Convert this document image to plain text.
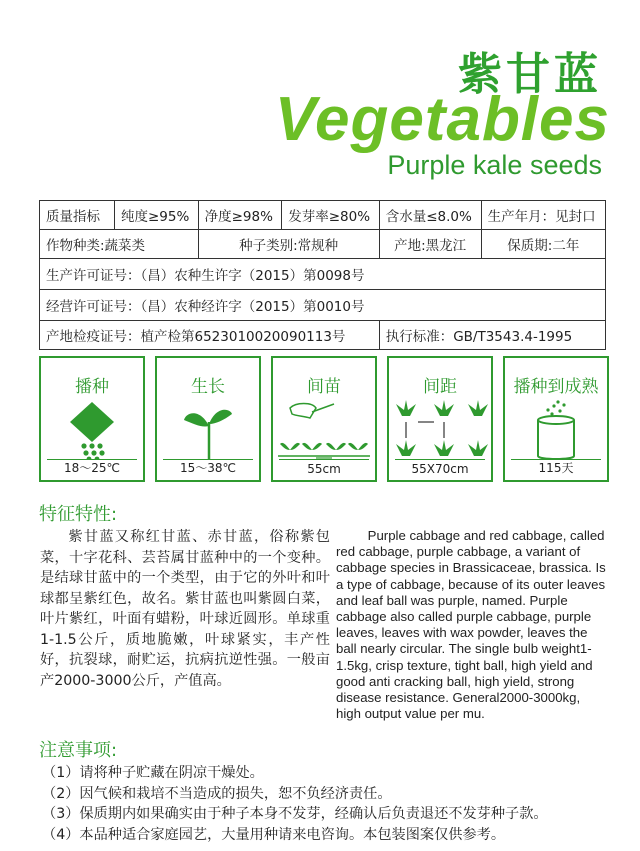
紫甘蓝
Vegetables
Purple kale seeds
质量指标	纯度≥95%	净度≥98%	发芽率≥80%	含水量≤8.0%	生产年月：见封口
作物种类:蔬菜类		种子类别:常规种		产地:黑龙江	保质期:二年
生产许可证号：（昌）农种生许字（2015）第0098号					
经营许可证号：（昌）农种经许字（2015）第0010号					
产地检疫证号：植产检第6523010020090113号				执行标准：GB/T3543.4-1995	
播种
18～25℃
生长
15～38℃
间苗
55cm
间距
55X70cm
播种到成熟
115天
特征特性:
紫甘蓝又称红甘蓝、赤甘蓝，俗称紫包菜，十字花科、芸苔属甘蓝种中的一个变种。是结球甘蓝中的一个类型，由于它的外叶和叶球都呈紫红色，故名。紫甘蓝也叫紫圆白菜，叶片紫红，叶面有蜡粉，叶球近圆形。单球重1-1.5公斤，质地脆嫩，叶球紧实，丰产性好，抗裂球，耐贮运，抗病抗逆性强。一般亩产2000-3000公斤，产值高。
Purple cabbage and red cabbage, called red cabbage, purple cabbage, a variant of cabbage species in Brassicaceae, brassica. Is a type of cabbage, because of its outer leaves and leaf ball was purple, named. Purple cabbage also called purple cabbage, purple leaves, leaves with wax powder, leaves the ball nearly circular. The single bulb weight1-1.5kg, crisp texture, tight ball, high yield and good anti cracking ball, high yield, strong disease resistance. General2000-3000kg, high output value per mu.
注意事项:
（1）请将种子贮藏在阴凉干燥处。
（2）因气候和栽培不当造成的损失，恕不负经济责任。
（3）保质期内如果确实由于种子本身不发芽，经确认后负责退还不发芽种子款。
（4）本品种适合家庭园艺，大量用种请来电咨询。本包装图案仅供参考。
